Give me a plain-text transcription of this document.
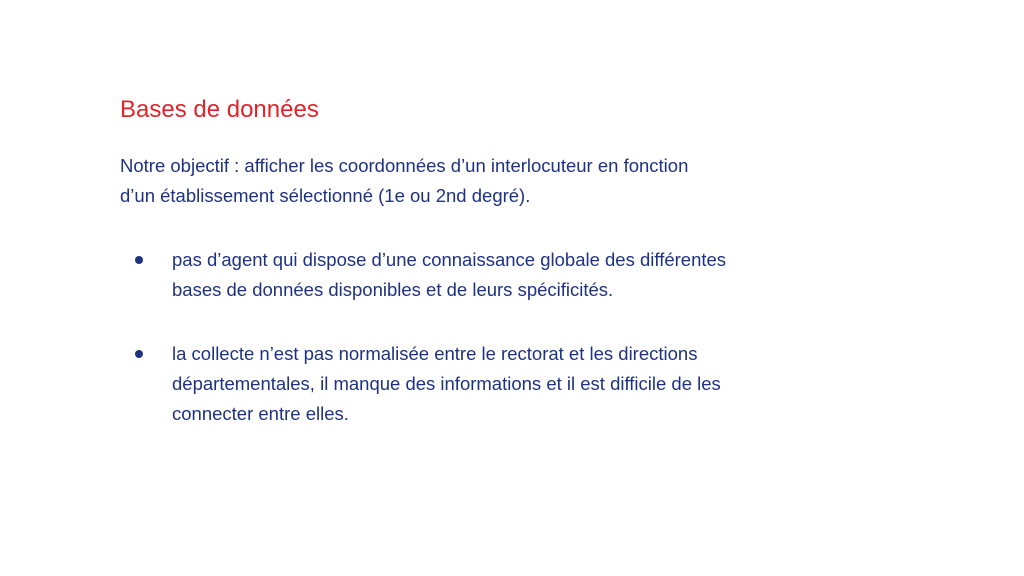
Bases de données
Notre objectif : afficher les coordonnées d’un interlocuteur en fonction
d’un établissement sélectionné (1e ou 2nd degré).
pas d’agent qui dispose d’une connaissance globale des différentes
bases de données disponibles et de leurs spécificités.
la collecte n’est pas normalisée entre le rectorat et les directions
départementales, il manque des informations et il est difficile de les
connecter entre elles.
